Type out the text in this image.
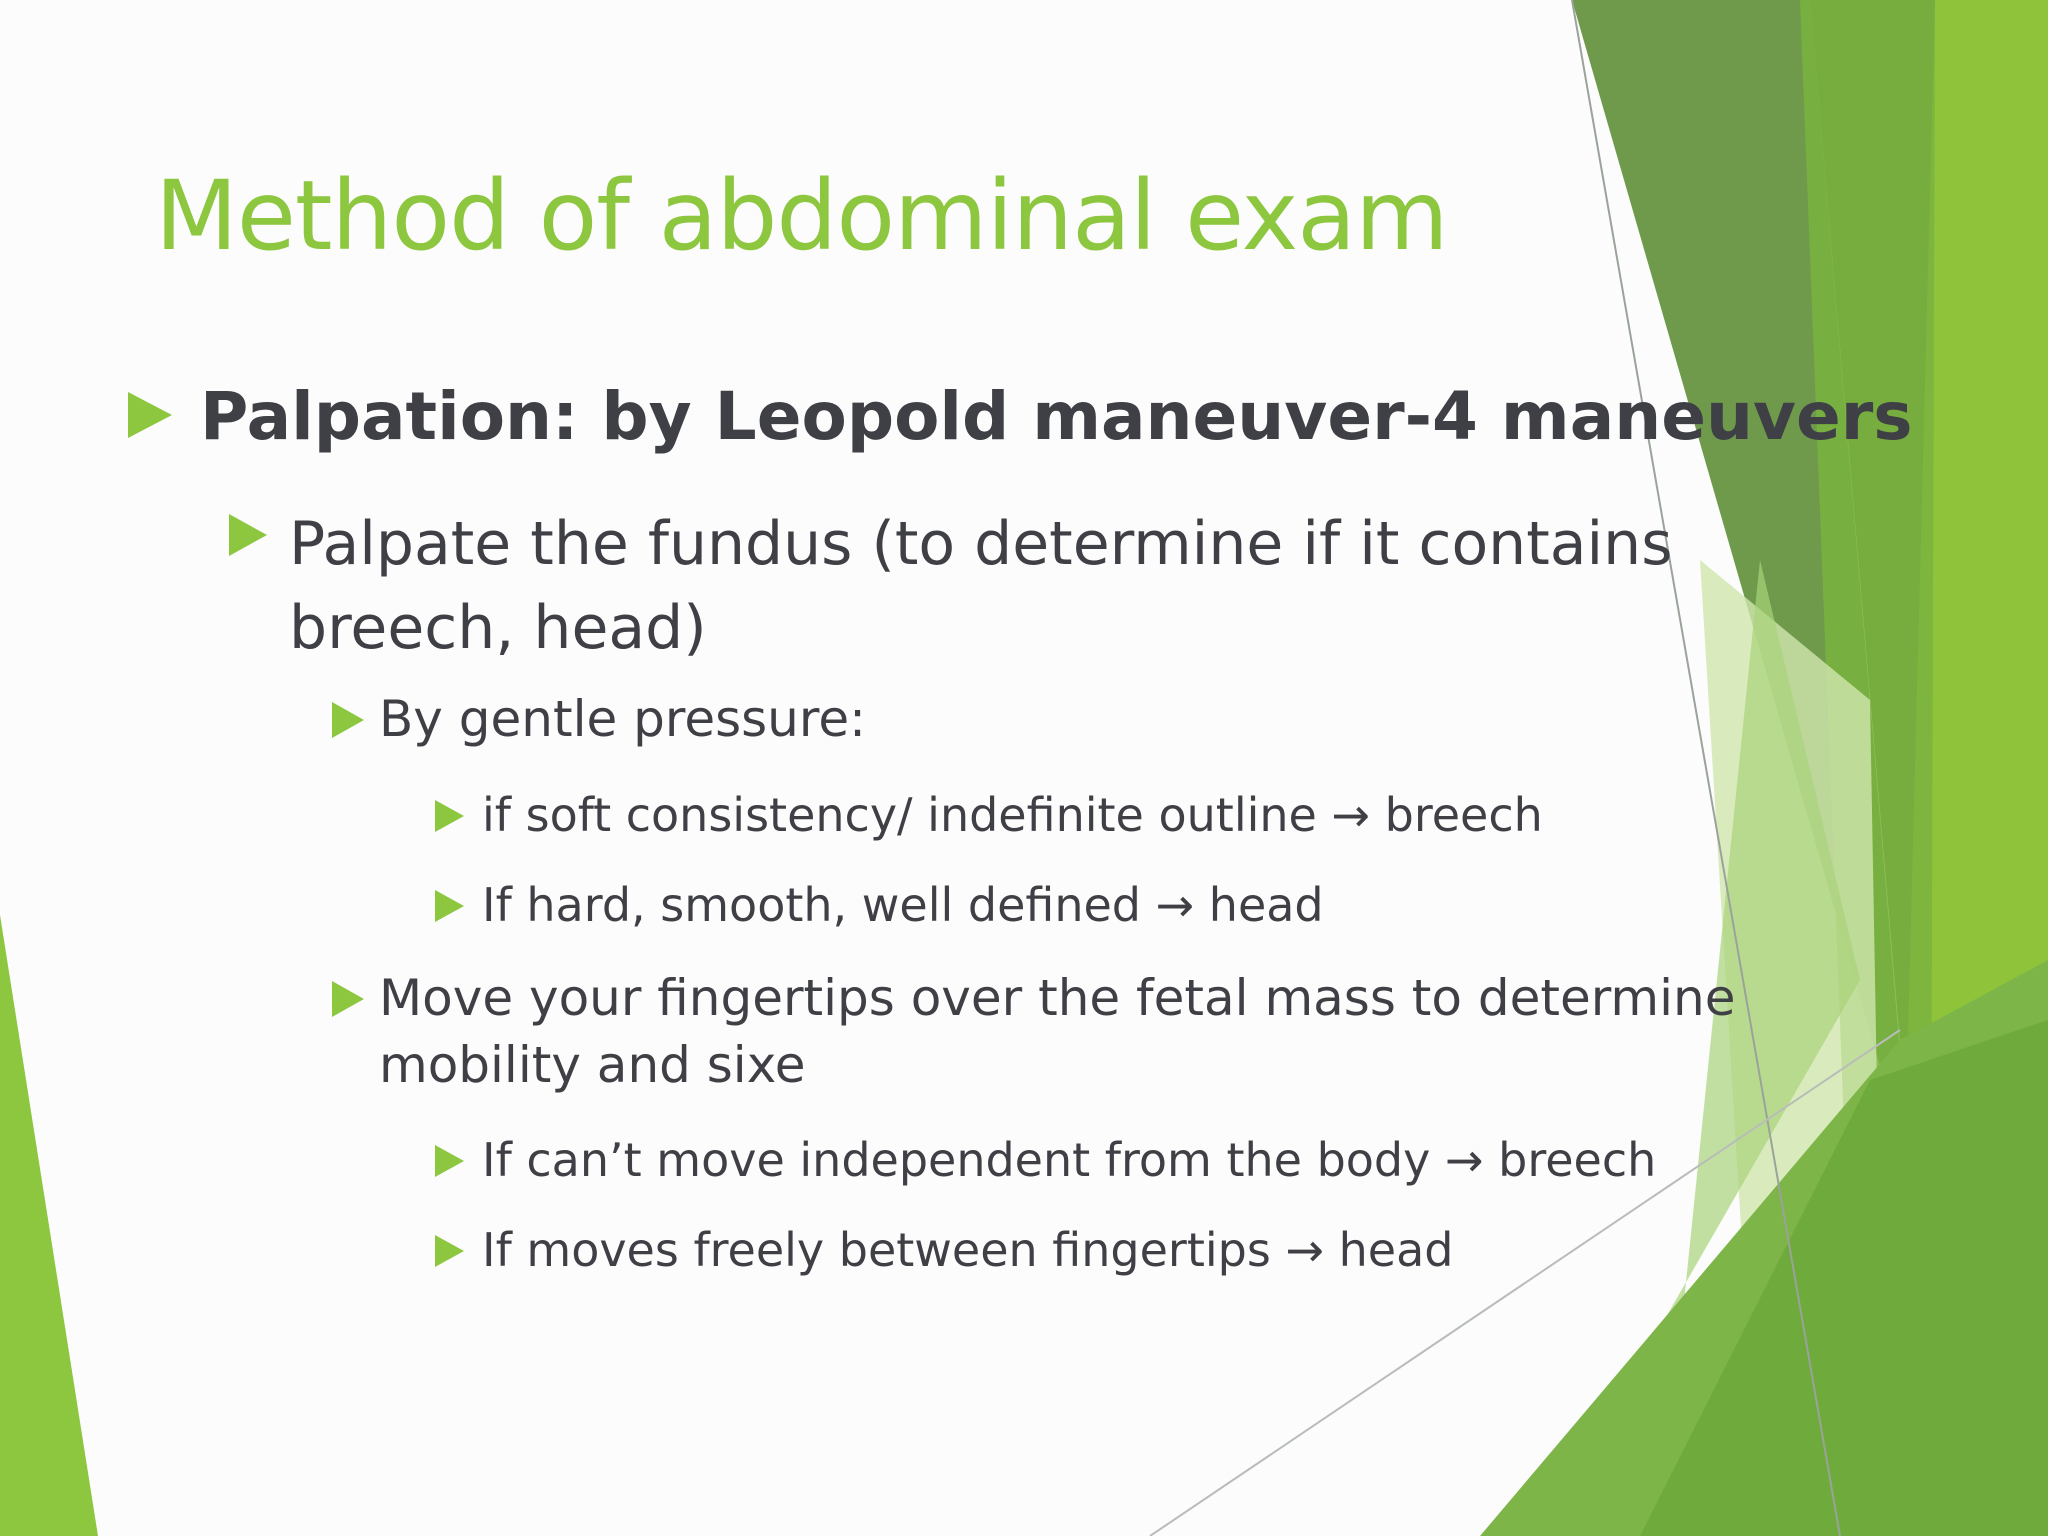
Method of abdominal exam
Palpation: by Leopold maneuver-4 maneuvers
Palpate the fundus (to determine if it contains breech, head)
By gentle pressure:
if soft consistency/ indefinite outline → breech
If hard, smooth, well defined → head
Move your fingertips over the fetal mass to determine mobility and sixe
If can’t move independent from the body → breech
If moves freely between fingertips → head
